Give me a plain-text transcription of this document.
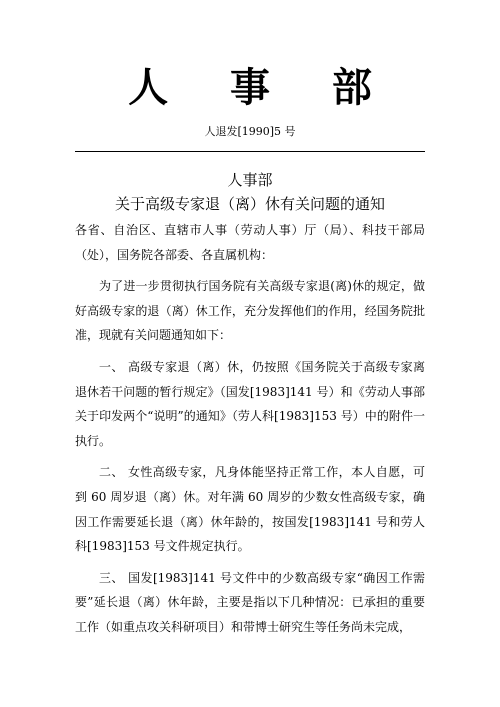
人 事 部
人退发[1990]5 号
人事部
关于高级专家退（离）休有关问题的通知

各省、自治区、直辖市人事（劳动人事）厅（局）、科技干部局（处），国务院各部委、各直属机构：

为了进一步贯彻执行国务院有关高级专家退(离)休的规定，做好高级专家的退（离）休工作，充分发挥他们的作用，经国务院批准，现就有关问题通知如下：

一、 高级专家退（离）休，仍按照《国务院关于高级专家离退休若干问题的暂行规定》（国发[1983]141 号）和《劳动人事部关于印发两个“说明”的通知》（劳人科[1983]153 号）中的附件一执行。

二、 女性高级专家，凡身体能坚持正常工作，本人自愿，可到 60 周岁退（离）休。对年满 60 周岁的少数女性高级专家，确因工作需要延长退（离）休年龄的，按国发[1983]141 号和劳人科[1983]153 号文件规定执行。

三、 国发[1983]141 号文件中的少数高级专家“确因工作需要”延长退（离）休年龄，主要是指以下几种情况：已承担的重要工作（如重点攻关科研项目）和带博士研究生等任务尚未完成，
